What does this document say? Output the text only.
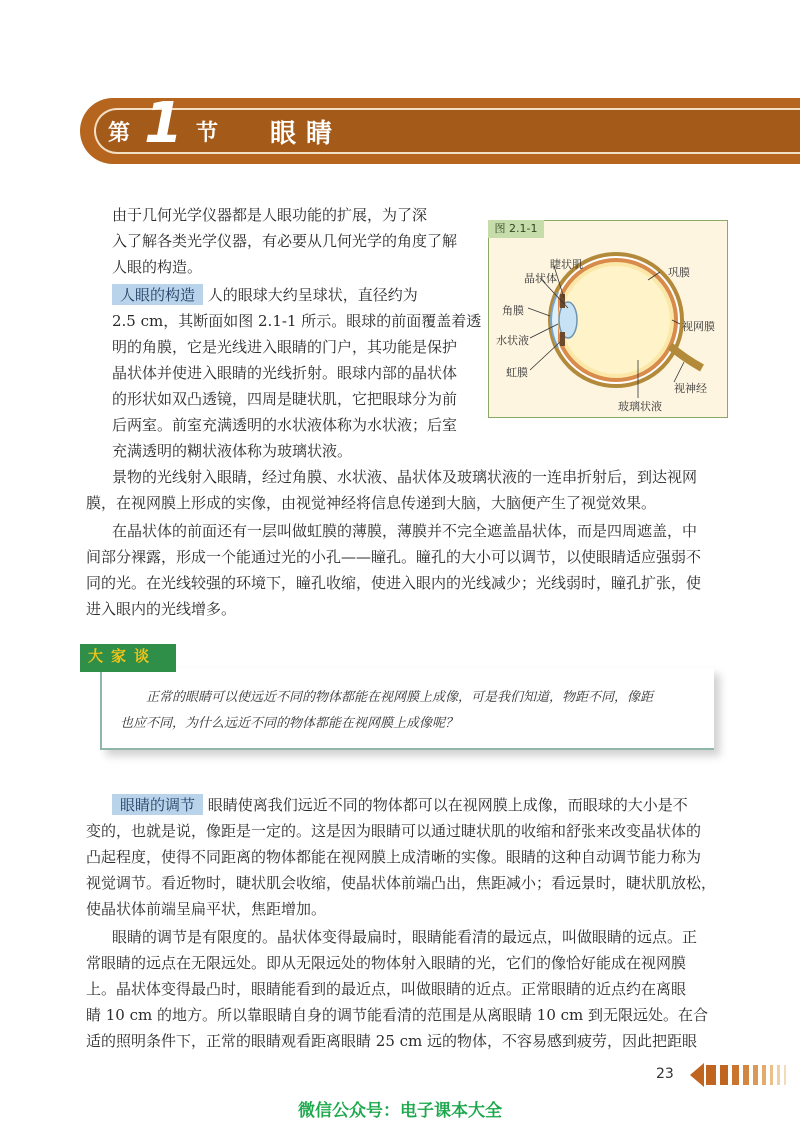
第 1 节 眼睛
由于几何光学仪器都是人眼功能的扩展，为了深
入了解各类光学仪器，有必要从几何光学的角度了解
人眼的构造。
人眼的构造 人的眼球大约呈球状，直径约为
2.5 cm，其断面如图 2.1-1 所示。眼球的前面覆盖着透
明的角膜，它是光线进入眼睛的门户，其功能是保护
晶状体并使进入眼睛的光线折射。眼球内部的晶状体
的形状如双凸透镜，四周是睫状肌，它把眼球分为前
后两室。前室充满透明的水状液体称为水状液；后室
充满透明的糊状液体称为玻璃状液。
图 2.1-1
睫状肌
晶状体	巩膜
角膜
视网膜
水状液
虹膜
视神经
玻璃状液
景物的光线射入眼睛，经过角膜、水状液、晶状体及玻璃状液的一连串折射后，到达视网
膜，在视网膜上形成的实像，由视觉神经将信息传递到大脑，大脑便产生了视觉效果。
在晶状体的前面还有一层叫做虹膜的薄膜，薄膜并不完全遮盖晶状体，而是四周遮盖，中
间部分裸露，形成一个能通过光的小孔——瞳孔。瞳孔的大小可以调节，以使眼睛适应强弱不
同的光。在光线较强的环境下，瞳孔收缩，使进入眼内的光线减少；光线弱时，瞳孔扩张，使
进入眼内的光线增多。
大家谈
正常的眼睛可以使远近不同的物体都能在视网膜上成像，可是我们知道，物距不同，像距
也应不同，为什么远近不同的物体都能在视网膜上成像呢？
眼睛的调节 眼睛使离我们远近不同的物体都可以在视网膜上成像，而眼球的大小是不
变的，也就是说，像距是一定的。这是因为眼睛可以通过睫状肌的收缩和舒张来改变晶状体的
凸起程度，使得不同距离的物体都能在视网膜上成清晰的实像。眼睛的这种自动调节能力称为
视觉调节。看近物时，睫状肌会收缩，使晶状体前端凸出，焦距减小；看远景时，睫状肌放松，
使晶状体前端呈扁平状，焦距增加。
眼睛的调节是有限度的。晶状体变得最扁时，眼睛能看清的最远点，叫做眼睛的远点。正
常眼睛的远点在无限远处。即从无限远处的物体射入眼睛的光，它们的像恰好能成在视网膜
上。晶状体变得最凸时，眼睛能看到的最近点，叫做眼睛的近点。正常眼睛的近点约在离眼
睛 10 cm 的地方。所以靠眼睛自身的调节能看清的范围是从离眼睛 10 cm 到无限远处。在合
适的照明条件下，正常的眼睛观看距离眼睛 25 cm 远的物体，不容易感到疲劳，因此把距眼
23
微信公众号：电子课本大全
